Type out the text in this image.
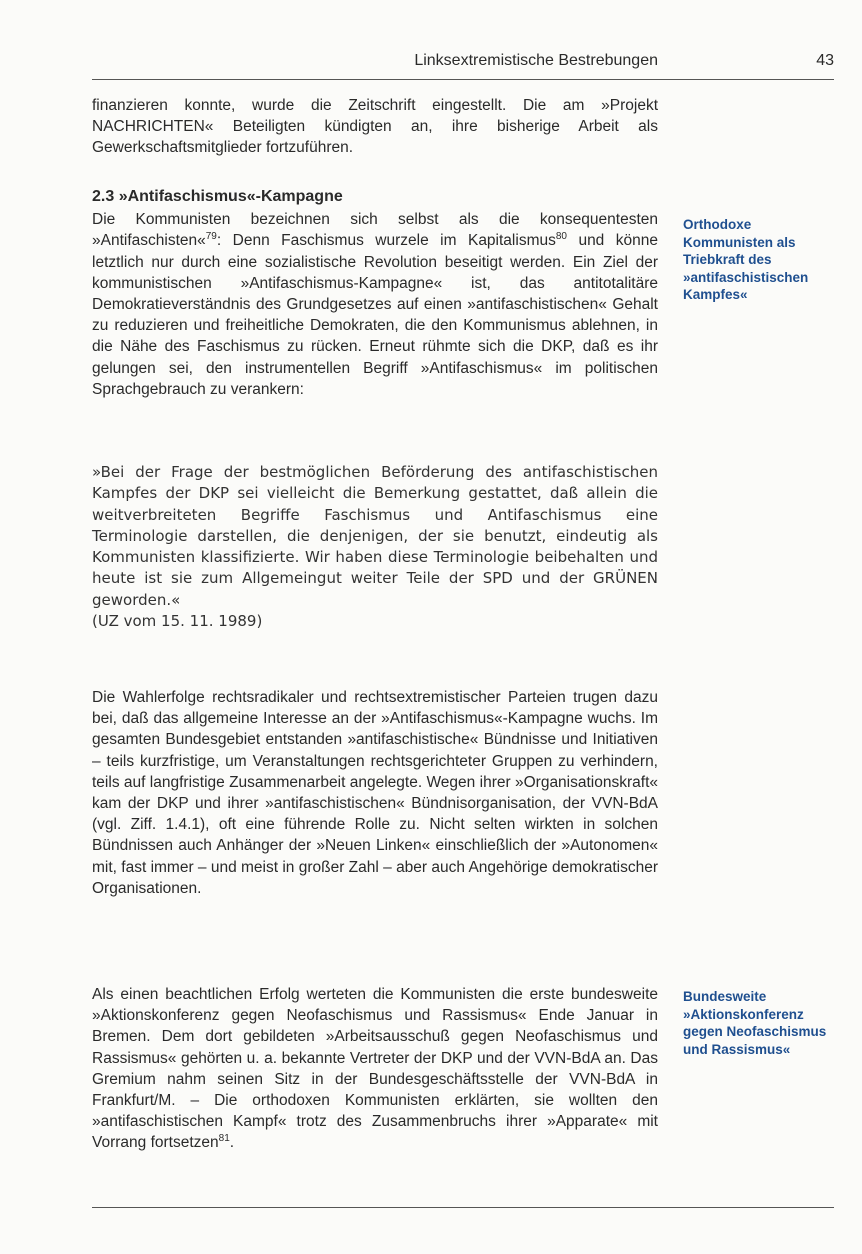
Linksextremistische Bestrebungen	43

finanzieren konnte, wurde die Zeitschrift eingestellt. Die am »Projekt NACHRICHTEN« Beteiligten kündigten an, ihre bisherige Arbeit als Gewerkschaftsmitglieder fortzuführen.

2.3 »Antifaschismus«-Kampagne

Die Kommunisten bezeichnen sich selbst als die konsequentesten »Antifaschisten«$^{79}$: Denn Faschismus wurzele im Kapitalismus$^{80}$ und könne letztlich nur durch eine sozialistische Revolution beseitigt werden. Ein Ziel der kommunistischen »Antifaschismus-Kampagne« ist, das antitotalitäre Demokratieverständnis des Grundgesetzes auf einen »antifaschistischen« Gehalt zu reduzieren und freiheitliche Demokraten, die den Kommunismus ablehnen, in die Nähe des Faschismus zu rücken. Erneut rühmte sich die DKP, daß es ihr gelungen sei, den instrumentellen Begriff »Antifaschismus« im politischen Sprachgebrauch zu verankern:

Orthodoxe Kommunisten als Triebkraft des »antifaschistischen Kampfes«

»Bei der Frage der bestmöglichen Beförderung des antifaschistischen Kampfes der DKP sei vielleicht die Bemerkung gestattet, daß allein die weitverbreiteten Begriffe Faschismus und Antifaschismus eine Terminologie darstellen, die denjenigen, der sie benutzt, eindeutig als Kommunisten klassifizierte. Wir haben diese Terminologie beibehalten und heute ist sie zum Allgemeingut weiter Teile der SPD und der GRÜNEN geworden.«

(UZ vom 15. 11. 1989)

Die Wahlerfolge rechtsradikaler und rechtsextremistischer Parteien trugen dazu bei, daß das allgemeine Interesse an der »Antifaschismus«-Kampagne wuchs. Im gesamten Bundesgebiet entstanden »antifaschistische« Bündnisse und Initiativen – teils kurzfristige, um Veranstaltungen rechtsgerichteter Gruppen zu verhindern, teils auf langfristige Zusammenarbeit angelegte. Wegen ihrer »Organisationskraft« kam der DKP und ihrer »antifaschistischen« Bündnisorganisation, der VVN-BdA (vgl. Ziff. 1.4.1), oft eine führende Rolle zu. Nicht selten wirkten in solchen Bündnissen auch Anhänger der »Neuen Linken« einschließlich der »Autonomen« mit, fast immer – und meist in großer Zahl – aber auch Angehörige demokratischer Organisationen.

Als einen beachtlichen Erfolg werteten die Kommunisten die erste bundesweite »Aktionskonferenz gegen Neofaschismus und Rassismus« Ende Januar in Bremen. Dem dort gebildeten »Arbeitsausschuß gegen Neofaschismus und Rassismus« gehörten u. a. bekannte Vertreter der DKP und der VVN-BdA an. Das Gremium nahm seinen Sitz in der Bundesgeschäftsstelle der VVN-BdA in Frankfurt/M. – Die orthodoxen Kommunisten erklärten, sie wollten den »antifaschistischen Kampf« trotz des Zusammenbruchs ihrer »Apparate« mit Vorrang fortsetzen$^{81}$.

Bundesweite »Aktionskonferenz gegen Neofaschismus und Rassismus«
